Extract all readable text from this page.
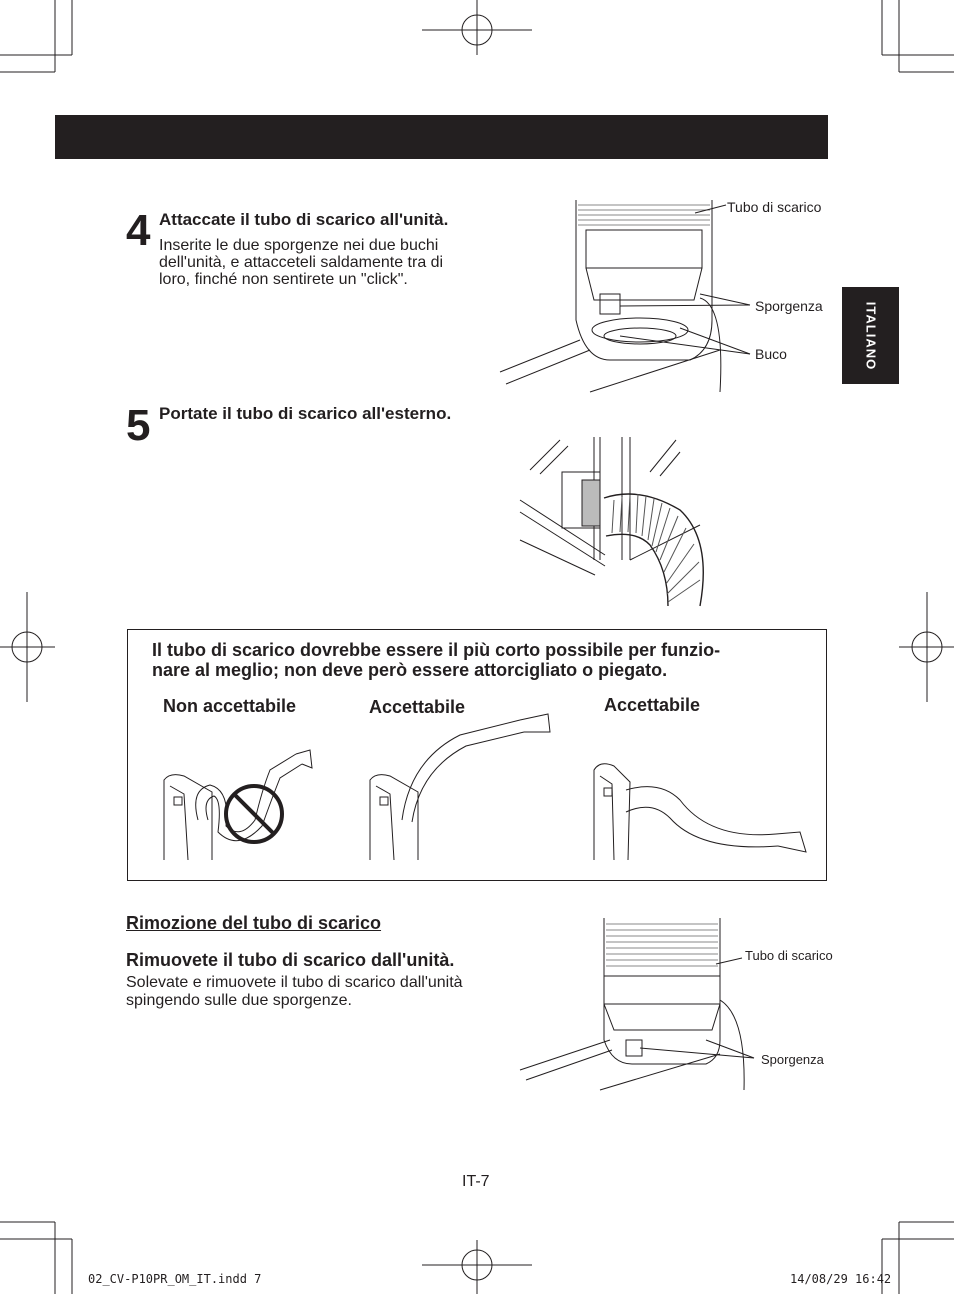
ITALIANO
4 Attaccate il tubo di scarico all'unità.
Inserite le due sporgenze nei due buchi
dell'unità, e attacceteli saldamente tra di
loro, finché non sentirete un "click".
Tubo di scarico
Sporgenza
Buco
5 Portate il tubo di scarico all'esterno.
Il tubo di scarico dovrebbe essere il più corto possibile per funzio-
nare al meglio; non deve però essere attorcigliato o piegato.
Non accettabile	Accettabile	Accettabile
Rimozione del tubo di scarico
Rimuovete il tubo di scarico dall'unità.
Solevate e rimuovete il tubo di scarico dall'unità
spingendo sulle due sporgenze.
Tubo di scarico
Sporgenza
IT-7
02_CV-P10PR_OM_IT.indd 7	14/08/29 16:42
